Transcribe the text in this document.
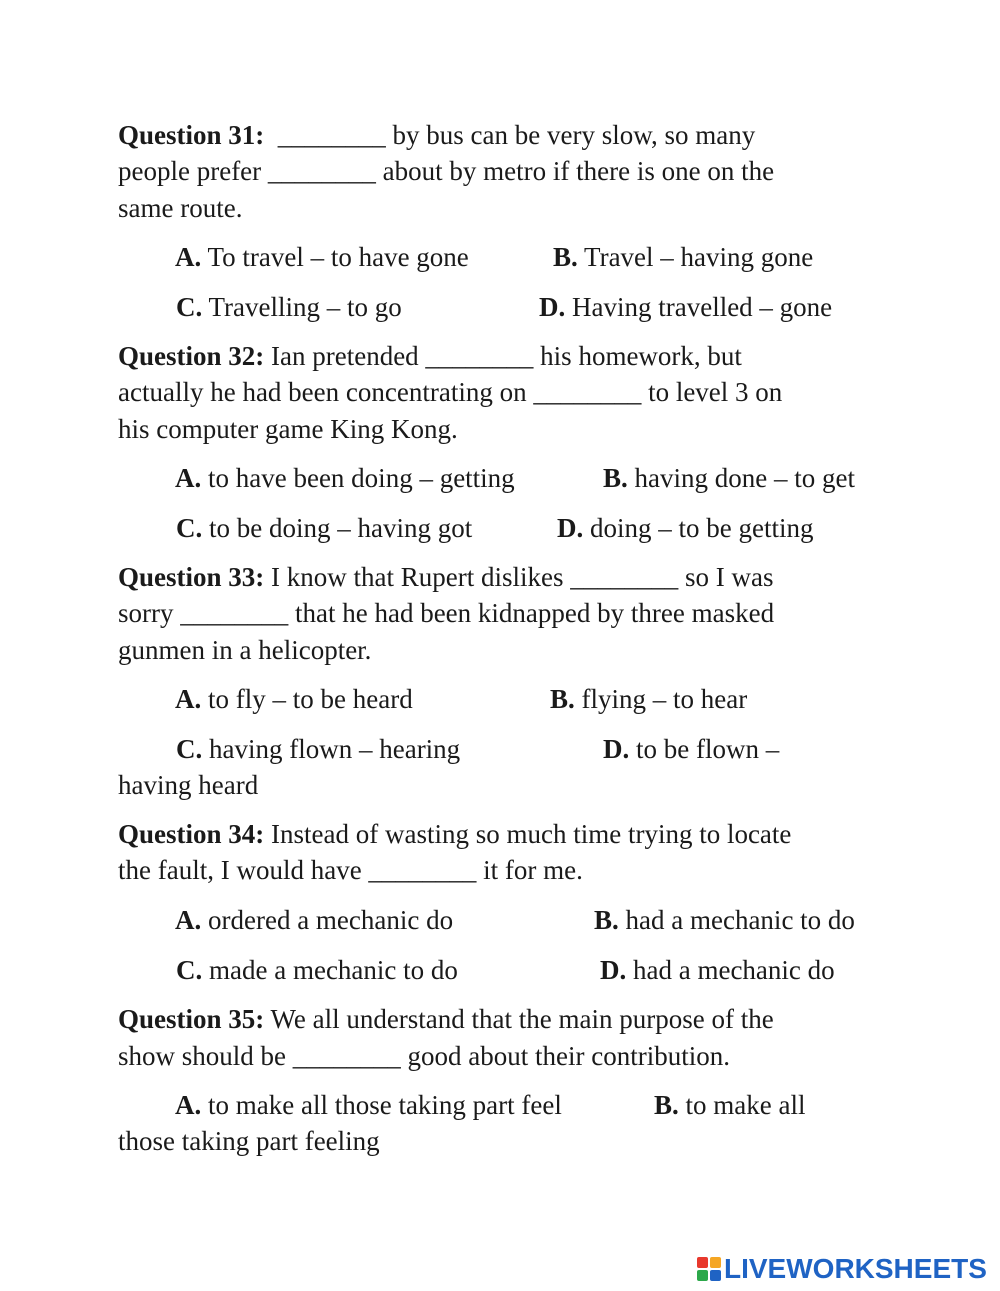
Question 31:  ________ by bus can be very slow, so many

people prefer ________ about by metro if there is one on the

same route.

A. To travel – to have gone	B. Travel – having gone

C. Travelling – to go	D. Having travelled – gone

Question 32: Ian pretended ________ his homework, but

actually he had been concentrating on ________ to level 3 on

his computer game King Kong.

A. to have been doing – getting	B. having done – to get

C. to be doing – having got	D. doing – to be getting

Question 33: I know that Rupert dislikes ________ so I was

sorry ________ that he had been kidnapped by three masked

gunmen in a helicopter.

A. to fly – to be heard	B. flying – to hear

C. having flown – hearing	D. to be flown –

having heard

Question 34: Instead of wasting so much time trying to locate

the fault, I would have ________ it for me.

A. ordered a mechanic do	B. had a mechanic to do

C. made a mechanic to do	D. had a mechanic do

Question 35: We all understand that the main purpose of the

show should be ________ good about their contribution.

A. to make all those taking part feel	B. to make all

those taking part feeling

LIVEWORKSHEETS
